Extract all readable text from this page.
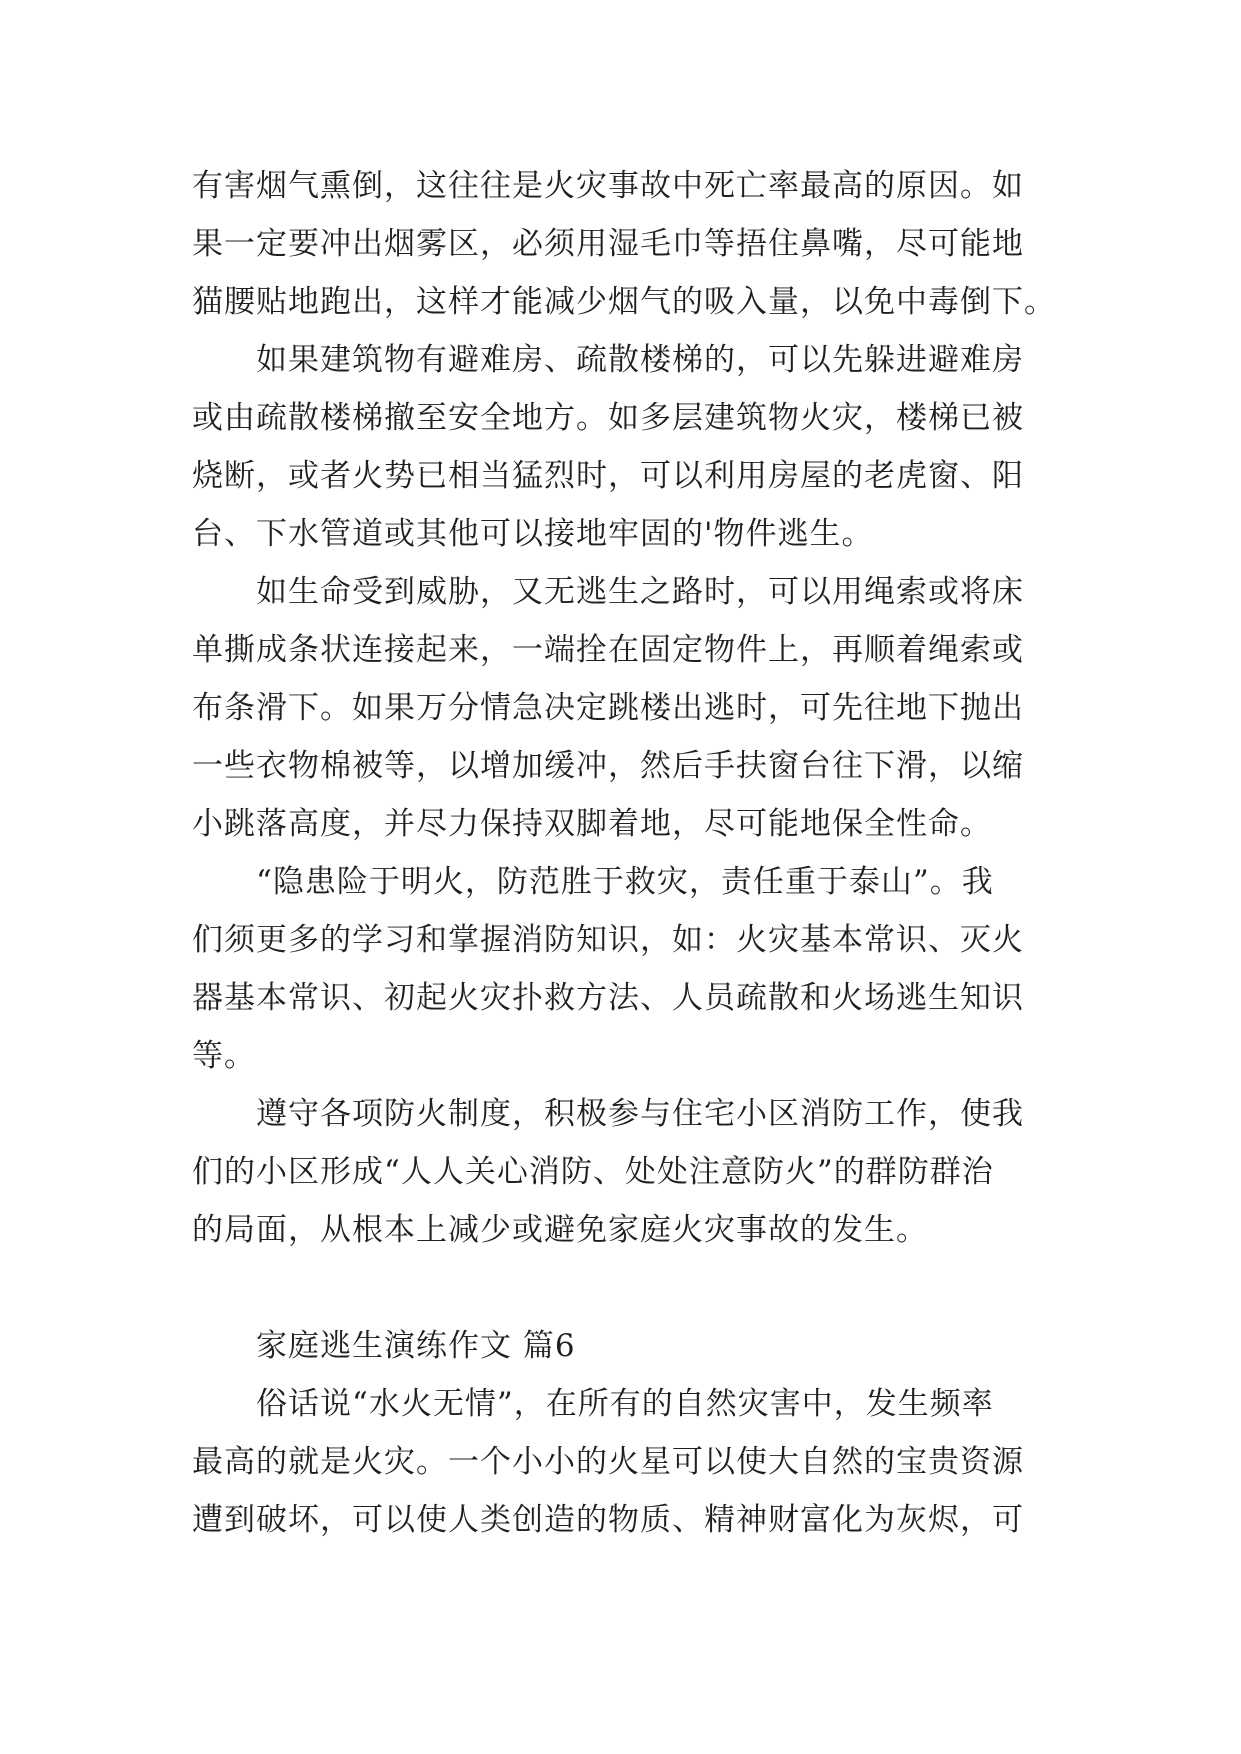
有害烟气熏倒，这往往是火灾事故中死亡率最高的原因。如
果一定要冲出烟雾区，必须用湿毛巾等捂住鼻嘴，尽可能地
猫腰贴地跑出，这样才能减少烟气的吸入量，以免中毒倒下。
　　如果建筑物有避难房、疏散楼梯的，可以先躲进避难房
或由疏散楼梯撤至安全地方。如多层建筑物火灾，楼梯已被
烧断，或者火势已相当猛烈时，可以利用房屋的老虎窗、阳
台、下水管道或其他可以接地牢固的'物件逃生。
　　如生命受到威胁，又无逃生之路时，可以用绳索或将床
单撕成条状连接起来，一端拴在固定物件上，再顺着绳索或
布条滑下。如果万分情急决定跳楼出逃时，可先往地下抛出
一些衣物棉被等，以增加缓冲，然后手扶窗台往下滑，以缩
小跳落高度，并尽力保持双脚着地，尽可能地保全性命。
　　“隐患险于明火，防范胜于救灾，责任重于泰山”。我
们须更多的学习和掌握消防知识，如：火灾基本常识、灭火
器基本常识、初起火灾扑救方法、人员疏散和火场逃生知识
等。
　　遵守各项防火制度，积极参与住宅小区消防工作，使我
们的小区形成“人人关心消防、处处注意防火”的群防群治
的局面，从根本上减少或避免家庭火灾事故的发生。
　　家庭逃生演练作文 篇6
　　俗话说“水火无情”，在所有的自然灾害中，发生频率
最高的就是火灾。一个小小的火星可以使大自然的宝贵资源
遭到破坏，可以使人类创造的物质、精神财富化为灰烬，可
